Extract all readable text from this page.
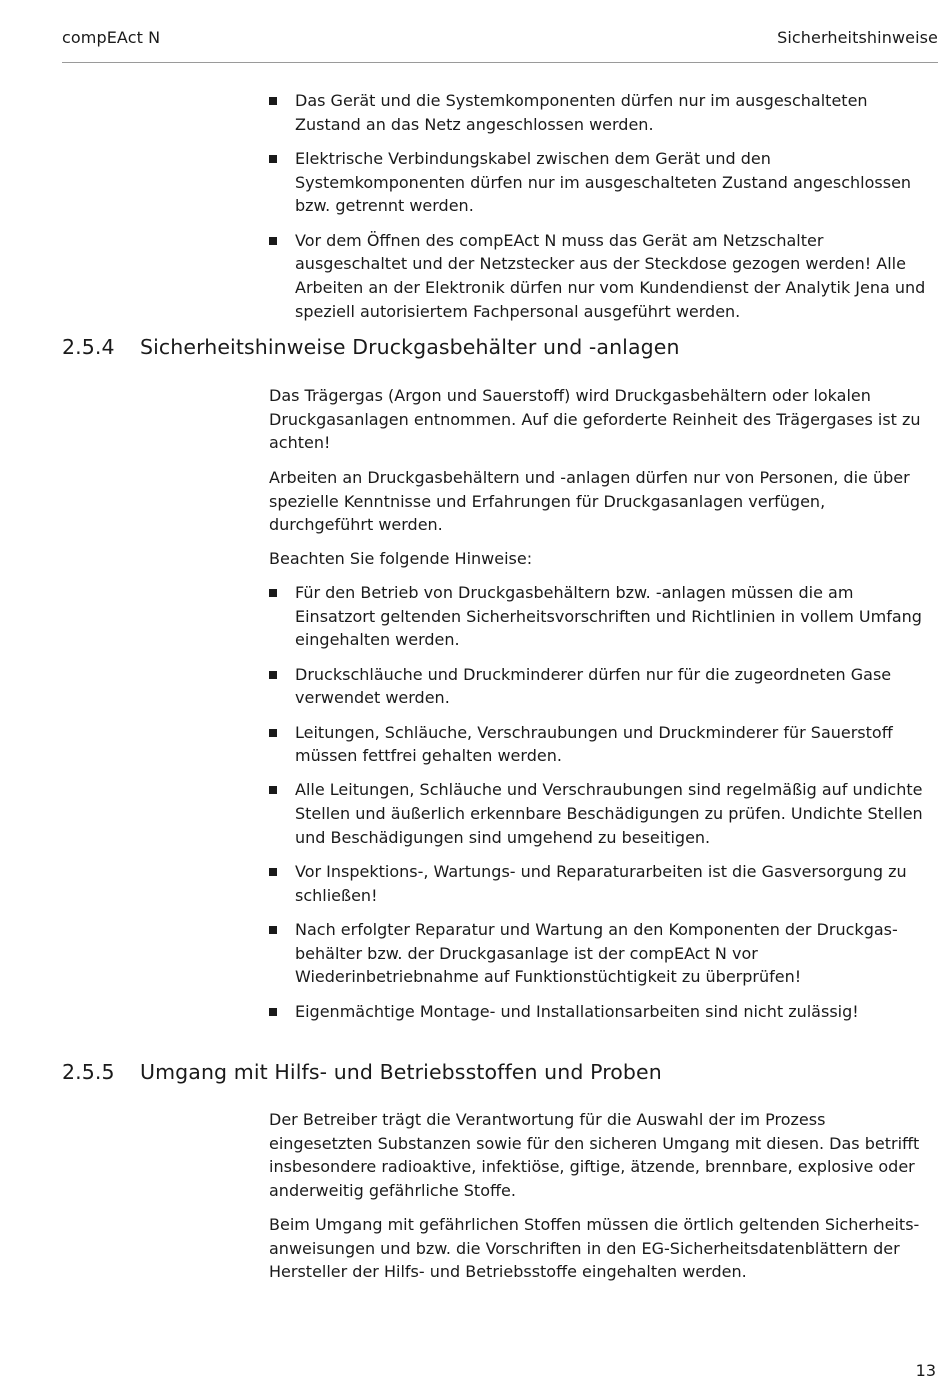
compEAct N	Sicherheitshinweise
Das Gerät und die Systemkomponenten dürfen nur im ausgeschalteten Zustand an das Netz angeschlossen werden.
Elektrische Verbindungskabel zwischen dem Gerät und den Systemkomponenten dürfen nur im ausgeschalteten Zustand angeschlossen bzw. getrennt werden.
Vor dem Öffnen des compEAct N muss das Gerät am Netzschalter ausgeschaltet und der Netzstecker aus der Steckdose gezogen werden! Alle Arbeiten an der Elektronik dürfen nur vom Kundendienst der Analytik Jena und speziell autorisiertem Fachpersonal ausgeführt werden.
2.5.4 Sicherheitshinweise Druckgasbehälter und -anlagen

Das Trägergas (Argon und Sauerstoff) wird Druckgasbehältern oder lokalen Druckgasanlagen entnommen. Auf die geforderte Reinheit des Trägergases ist zu achten!

Arbeiten an Druckgasbehältern und -anlagen dürfen nur von Personen, die über spezielle Kenntnisse und Erfahrungen für Druckgasanlagen verfügen, durchgeführt werden.

Beachten Sie folgende Hinweise:

Für den Betrieb von Druckgasbehältern bzw. -anlagen müssen die am Einsatzort geltenden Sicherheitsvorschriften und Richtlinien in vollem Umfang eingehalten werden.
Druckschläuche und Druckminderer dürfen nur für die zugeordneten Gase verwendet werden.
Leitungen, Schläuche, Verschraubungen und Druckminderer für Sauerstoff müssen fettfrei gehalten werden.
Alle Leitungen, Schläuche und Verschraubungen sind regelmäßig auf undichte Stellen und äußerlich erkennbare Beschädigungen zu prüfen. Undichte Stellen und Beschädigungen sind umgehend zu beseitigen.
Vor Inspektions-, Wartungs- und Reparaturarbeiten ist die Gasversorgung zu schließen!
Nach erfolgter Reparatur und Wartung an den Komponenten der Druckgas- behälter bzw. der Druckgasanlage ist der compEAct N vor Wiederinbetriebnahme auf Funktionstüchtigkeit zu überprüfen!
Eigenmächtige Montage- und Installationsarbeiten sind nicht zulässig!
2.5.5 Umgang mit Hilfs- und Betriebsstoffen und Proben

Der Betreiber trägt die Verantwortung für die Auswahl der im Prozess eingesetzten Substanzen sowie für den sicheren Umgang mit diesen. Das betrifft insbesondere radioaktive, infektiöse, giftige, ätzende, brennbare, explosive oder anderweitig gefährliche Stoffe.

Beim Umgang mit gefährlichen Stoffen müssen die örtlich geltenden Sicherheits- anweisungen und bzw. die Vorschriften in den EG-Sicherheitsdatenblättern der Hersteller der Hilfs- und Betriebsstoffe eingehalten werden.

13
